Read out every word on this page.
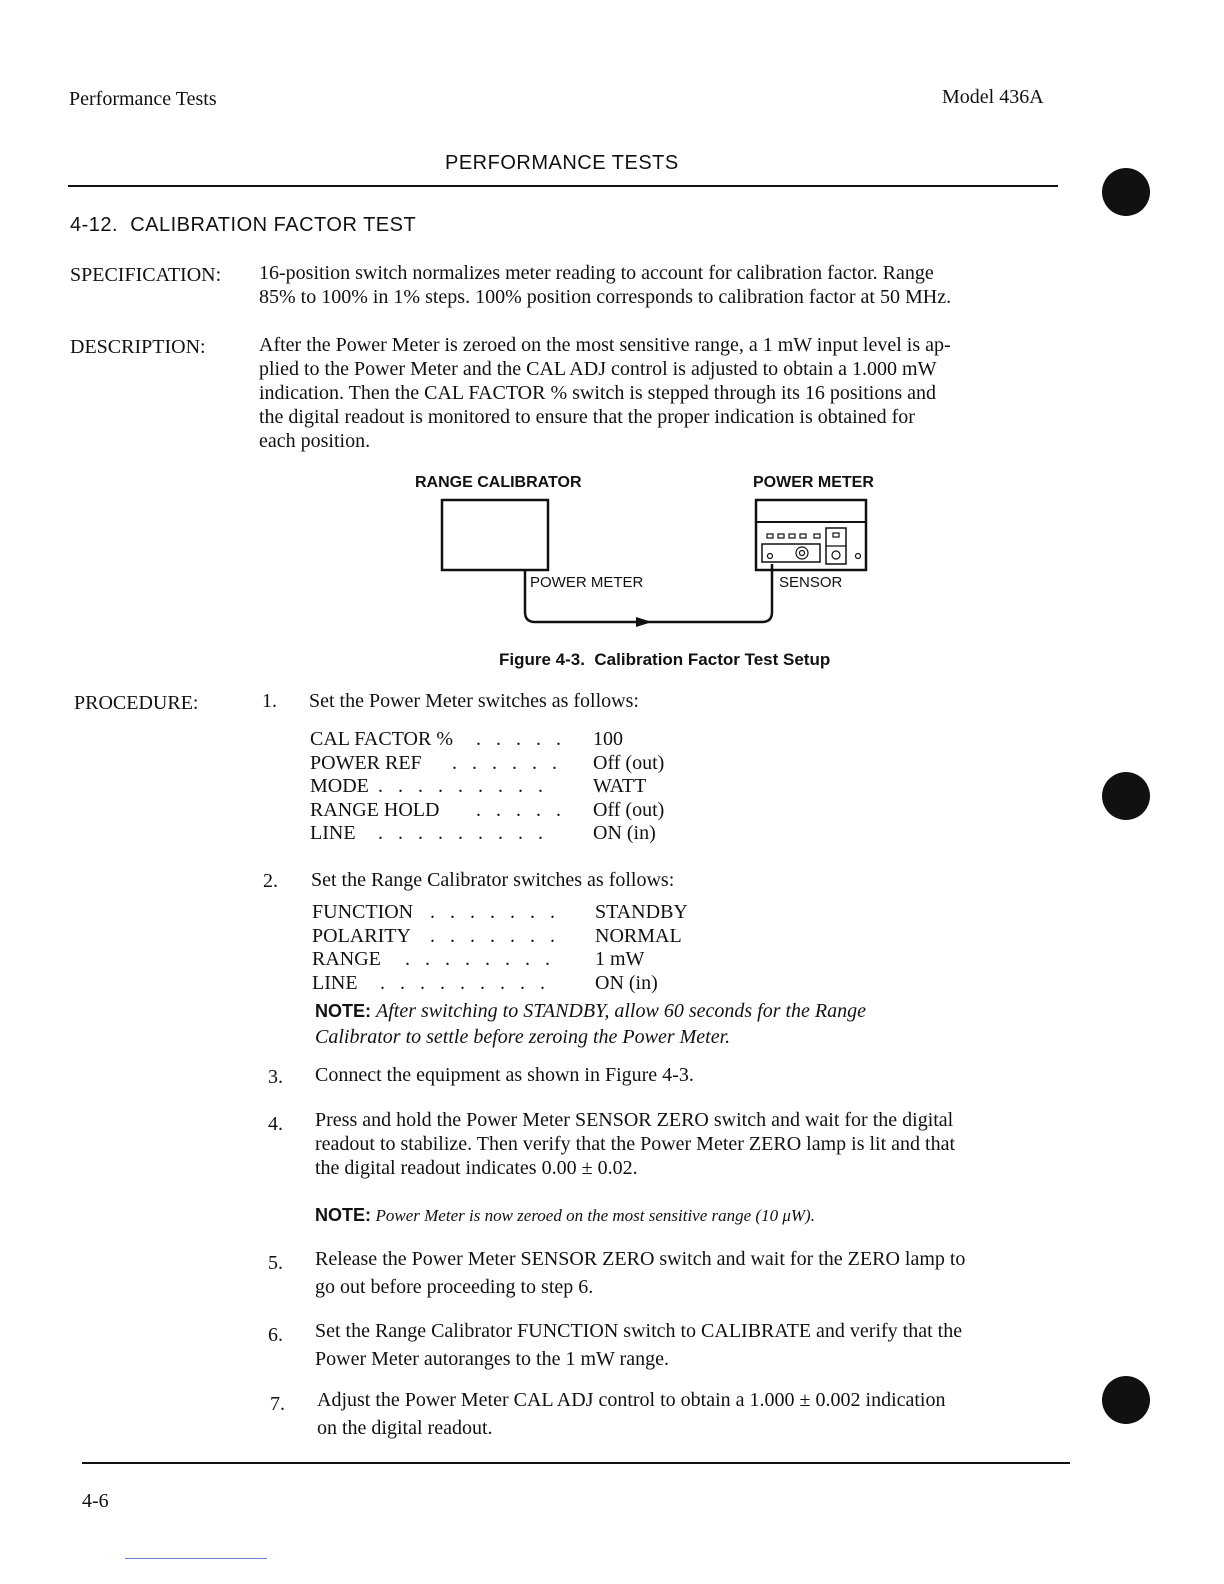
Performance Tests	Model 436A
PERFORMANCE TESTS
4-12.  CALIBRATION FACTOR TEST
SPECIFICATION: 16-position switch normalizes meter reading to account for calibration factor. Range
85% to 100% in 1% steps. 100% position corresponds to calibration factor at 50 MHz.
DESCRIPTION:	After the Power Meter is zeroed on the most sensitive range, a 1 mW input level is ap-
plied to the Power Meter and the CAL ADJ control is adjusted to obtain a 1.000 mW
indication. Then the CAL FACTOR % switch is stepped through its 16 positions and
the digital readout is monitored to ensure that the proper indication is obtained for
each position.
RANGE CALIBRATOR	POWER METER
POWER METER	SENSOR
Figure 4-3.  Calibration Factor Test Setup
PROCEDURE:	1. Set the Power Meter switches as follows:
CAL FACTOR % . . . . . 100
POWER REF . . . . . . Off (out)
MODE . . . . . . . . . WATT
RANGE HOLD . . . . . Off (out)
LINE . . . . . . . . . ON (in)
2. Set the Range Calibrator switches as follows:
FUNCTION . . . . . . . STANDBY
POLARITY . . . . . . . NORMAL
RANGE . . . . . . . . 1 mW
LINE . . . . . . . . . ON (in)
NOTE: After switching to STANDBY, allow 60 seconds for the Range
Calibrator to settle before zeroing the Power Meter.
3. Connect the equipment as shown in Figure 4-3.
4. Press and hold the Power Meter SENSOR ZERO switch and wait for the digital
readout to stabilize. Then verify that the Power Meter ZERO lamp is lit and that
the digital readout indicates 0.00 ± 0.02.
NOTE: Power Meter is now zeroed on the most sensitive range (10 μW).
5. Release the Power Meter SENSOR ZERO switch and wait for the ZERO lamp to
go out before proceeding to step 6.
6. Set the Range Calibrator FUNCTION switch to CALIBRATE and verify that the
Power Meter autoranges to the 1 mW range.
7. Adjust the Power Meter CAL ADJ control to obtain a 1.000 ± 0.002 indication
on the digital readout.
4-6
